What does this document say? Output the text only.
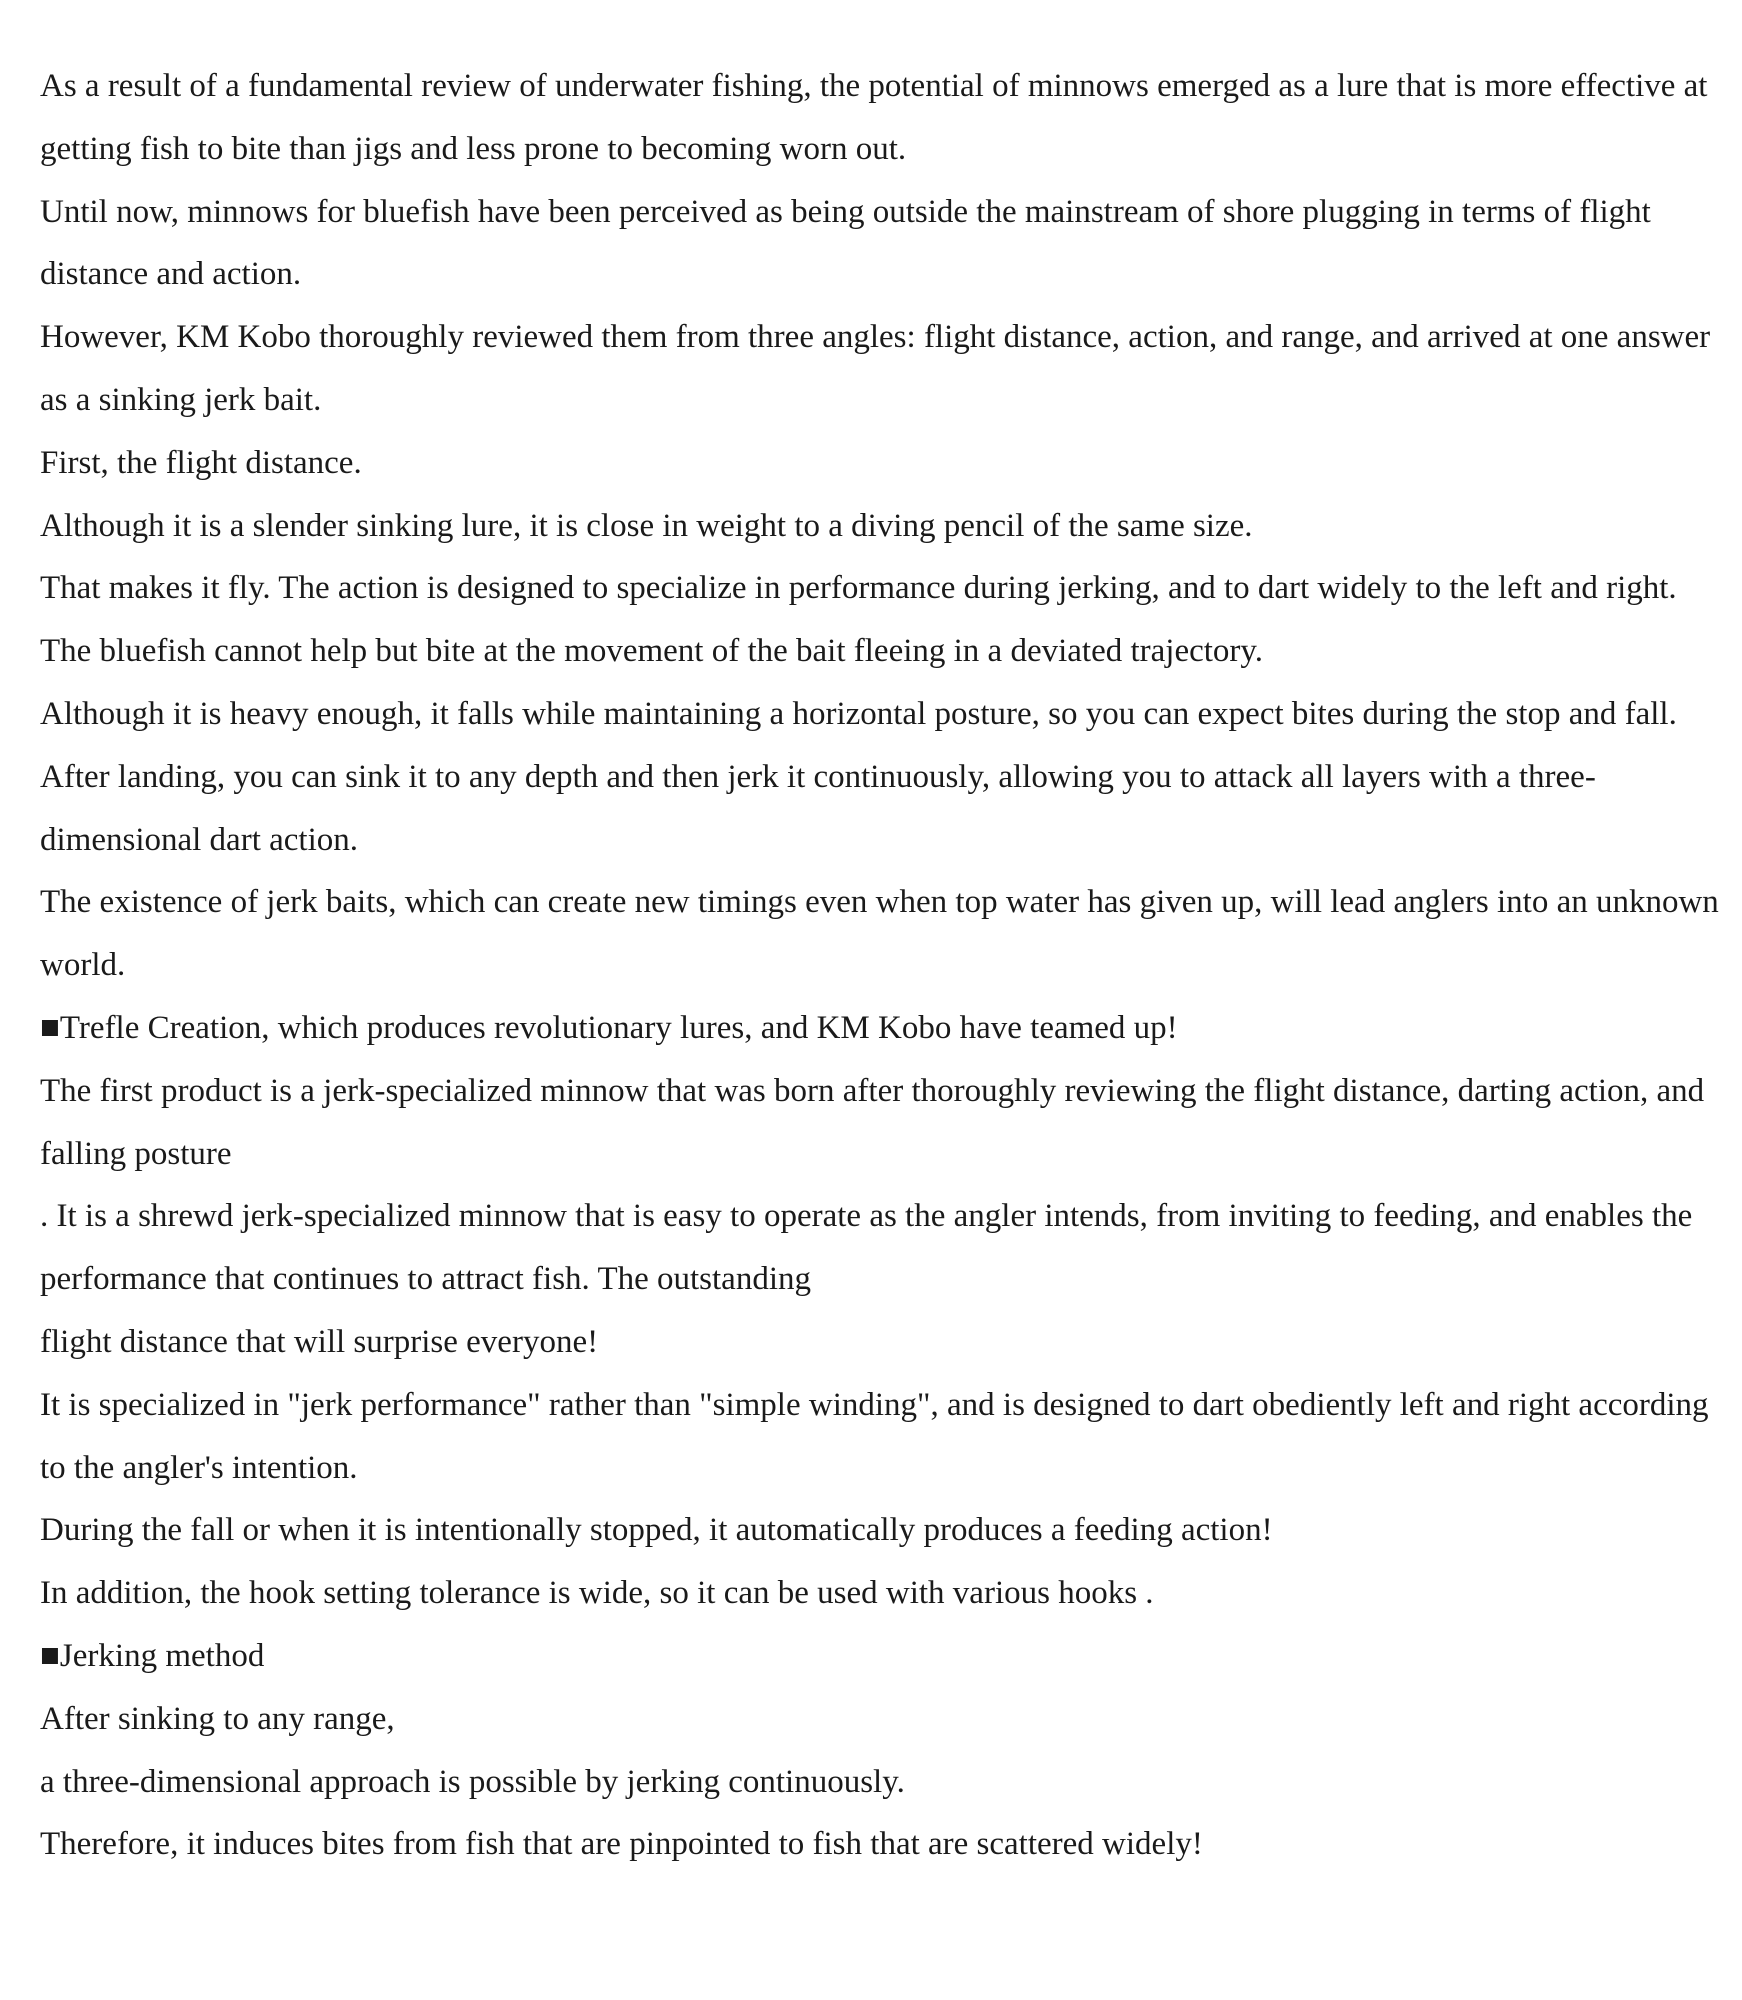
As a result of a fundamental review of underwater fishing, the potential of minnows emerged as a lure that is more effective at getting fish to bite than jigs and less prone to becoming worn out.

Until now, minnows for bluefish have been perceived as being outside the mainstream of shore plugging in terms of flight distance and action.

However, KM Kobo thoroughly reviewed them from three angles: flight distance, action, and range, and arrived at one answer as a sinking jerk bait.

First, the flight distance.

Although it is a slender sinking lure, it is close in weight to a diving pencil of the same size.

That makes it fly. The action is designed to specialize in performance during jerking, and to dart widely to the left and right.

The bluefish cannot help but bite at the movement of the bait fleeing in a deviated trajectory.

Although it is heavy enough, it falls while maintaining a horizontal posture, so you can expect bites during the stop and fall.

After landing, you can sink it to any depth and then jerk it continuously, allowing you to attack all layers with a three-dimensional dart action.

The existence of jerk baits, which can create new timings even when top water has given up, will lead anglers into an unknown world.

■Trefle Creation, which produces revolutionary lures, and KM Kobo have teamed up!

The first product is a jerk-specialized minnow that was born after thoroughly reviewing the flight distance, darting action, and falling posture

. It is a shrewd jerk-specialized minnow that is easy to operate as the angler intends, from inviting to feeding, and enables the performance that continues to attract fish. The outstanding

flight distance that will surprise everyone!

It is specialized in "jerk performance" rather than "simple winding", and is designed to dart obediently left and right according to the angler's intention.

During the fall or when it is intentionally stopped, it automatically produces a feeding action!

In addition, the hook setting tolerance is wide, so it can be used with various hooks .

■Jerking method

After sinking to any range,

a three-dimensional approach is possible by jerking continuously.

Therefore, it induces bites from fish that are pinpointed to fish that are scattered widely!
